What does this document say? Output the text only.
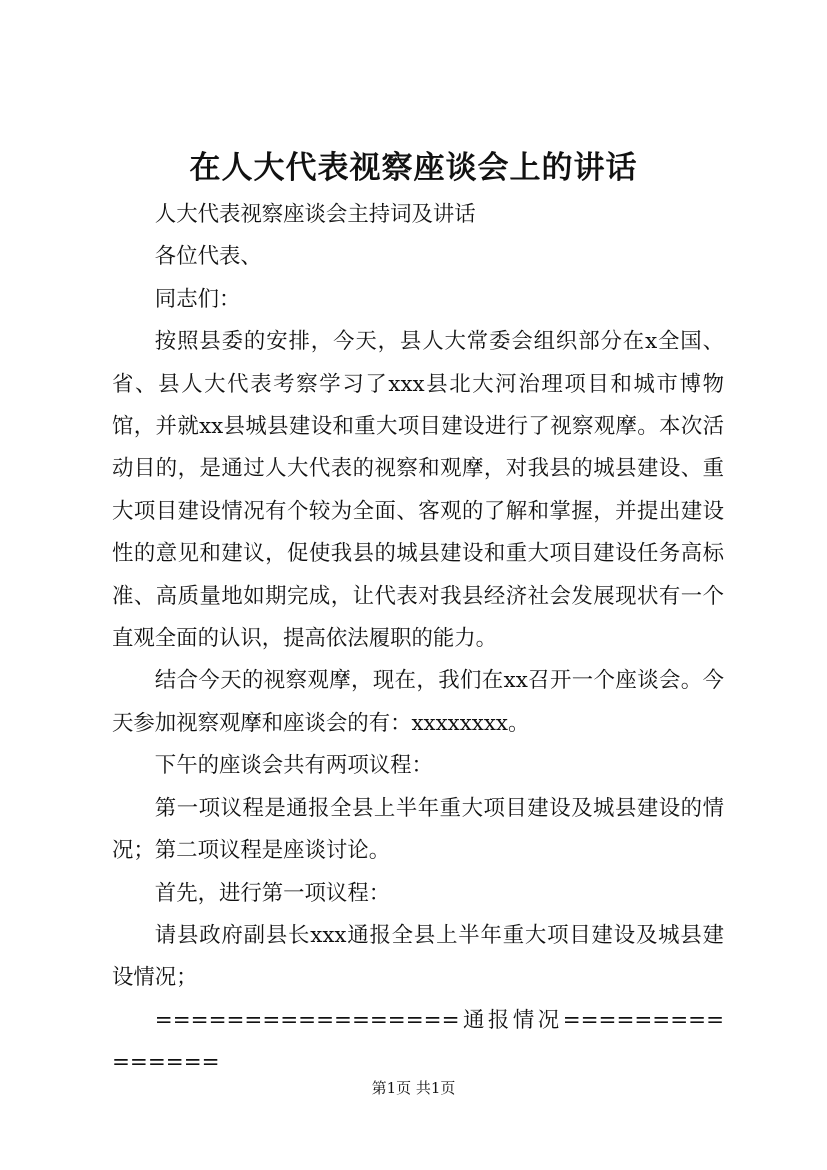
在人大代表视察座谈会上的讲话

人大代表视察座谈会主持词及讲话

各位代表、

同志们：

按照县委的安排，今天，县人大常委会组织部分在x全国、省、县人大代表考察学习了xxx县北大河治理项目和城市博物馆，并就xx县城县建设和重大项目建设进行了视察观摩。本次活动目的，是通过人大代表的视察和观摩，对我县的城县建设、重大项目建设情况有个较为全面、客观的了解和掌握，并提出建设性的意见和建议，促使我县的城县建设和重大项目建设任务高标准、高质量地如期完成，让代表对我县经济社会发展现状有一个直观全面的认识，提高依法履职的能力。

结合今天的视察观摩，现在，我们在xx召开一个座谈会。今天参加视察观摩和座谈会的有：xxxxxxxx。

下午的座谈会共有两项议程：

第一项议程是通报全县上半年重大项目建设及城县建设的情况；第二项议程是座谈讨论。

首先，进行第一项议程：

请县政府副县长xxx通报全县上半年重大项目建设及城县建设情况；

=================通报情况===============

第1页 共1页
